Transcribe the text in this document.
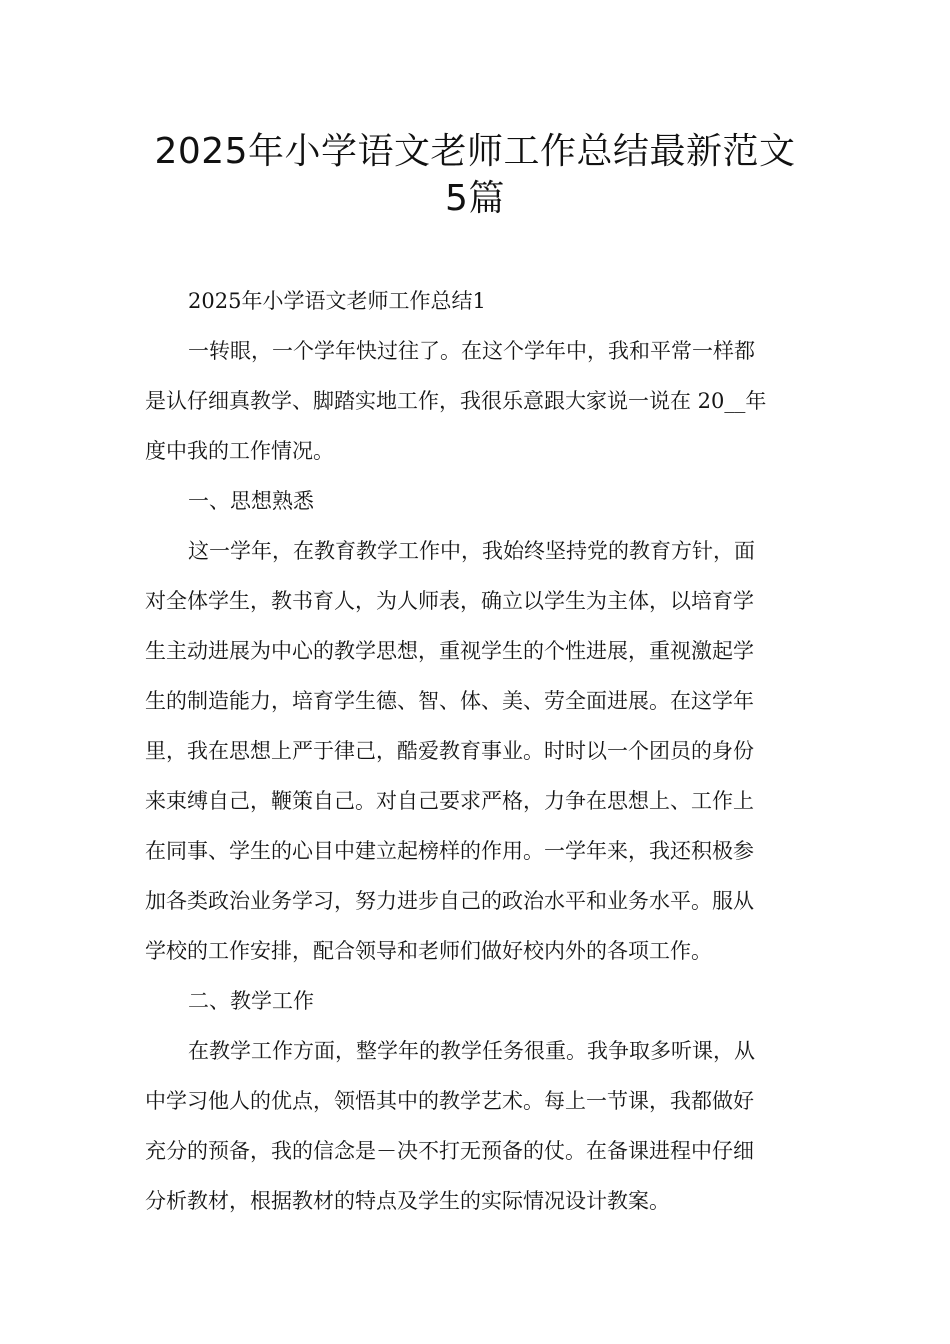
2025年小学语文老师工作总结最新范文
5篇
2025年小学语文老师工作总结1
一转眼，一个学年快过往了。在这个学年中，我和平常一样都
是认仔细真教学、脚踏实地工作，我很乐意跟大家说一说在 20__年
度中我的工作情况。
一、思想熟悉
这一学年，在教育教学工作中，我始终坚持党的教育方针，面
对全体学生，教书育人，为人师表，确立以学生为主体，以培育学
生主动进展为中心的教学思想，重视学生的个性进展，重视激起学
生的制造能力，培育学生德、智、体、美、劳全面进展。在这学年
里，我在思想上严于律己，酷爱教育事业。时时以一个团员的身份
来束缚自己，鞭策自己。对自己要求严格，力争在思想上、工作上
在同事、学生的心目中建立起榜样的作用。一学年来，我还积极参
加各类政治业务学习，努力进步自己的政治水平和业务水平。服从
学校的工作安排，配合领导和老师们做好校内外的各项工作。
二、教学工作
在教学工作方面，整学年的教学任务很重。我争取多听课，从
中学习他人的优点，领悟其中的教学艺术。每上一节课，我都做好
充分的预备，我的信念是－决不打无预备的仗。在备课进程中仔细
分析教材，根据教材的特点及学生的实际情况设计教案。
